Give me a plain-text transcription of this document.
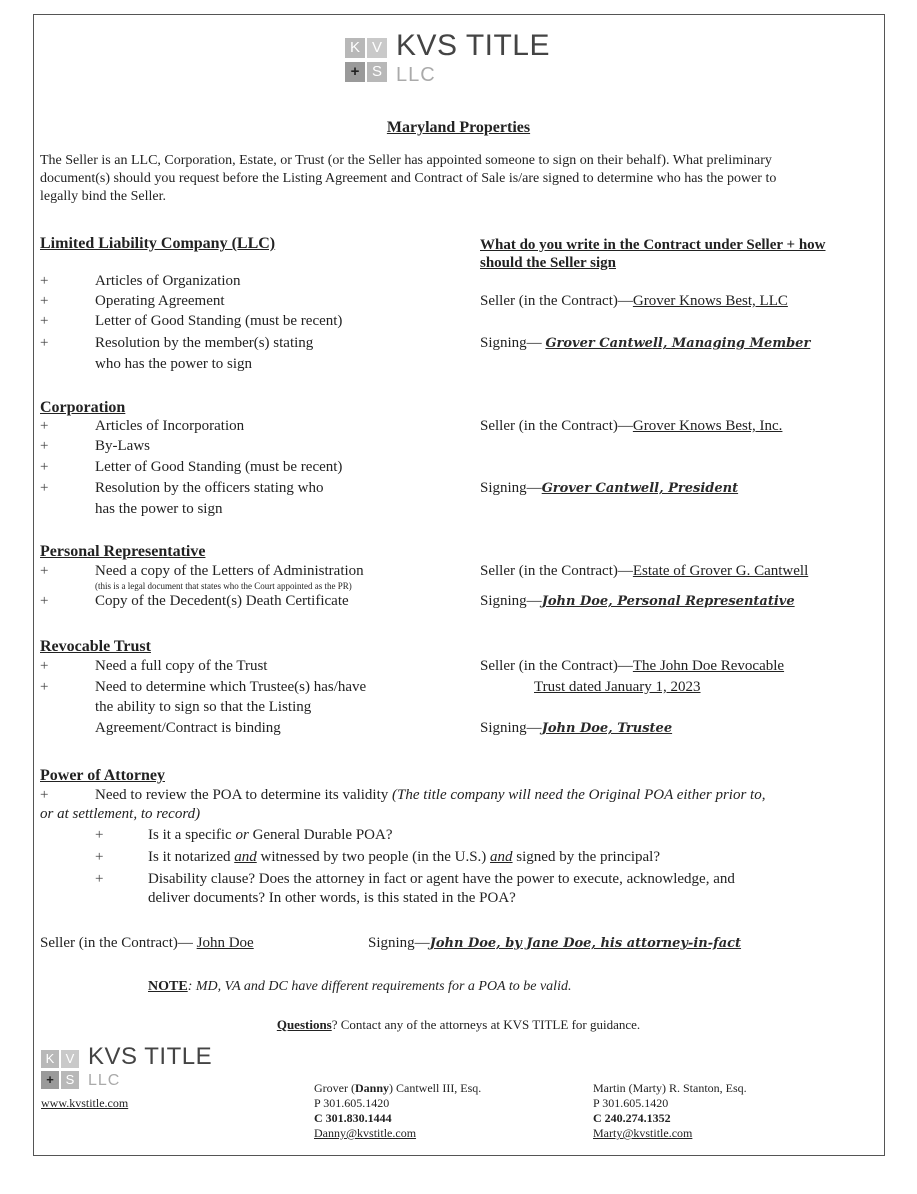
K V
+ S
KVS TITLE
LLC
Maryland Properties
The Seller is an LLC, Corporation, Estate, or Trust (or the Seller has appointed someone to sign on their behalf). What preliminary
document(s) should you request before the Listing Agreement and Contract of Sale is/are signed to determine who has the power to
legally bind the Seller.
Limited Liability Company (LLC)	What do you write in the Contract under Seller + how
should the Seller sign
+	Articles of Organization
+	Operating Agreement
+	Letter of Good Standing (must be recent)
+	Resolution by the member(s) stating
who has the power to sign
Seller (in the Contract)—Grover Knows Best, LLC
Signing— Grover Cantwell, Managing Member
Corporation
+	Articles of Incorporation
+	By-Laws
+	Letter of Good Standing (must be recent)
+	Resolution by the officers stating who
has the power to sign
Seller (in the Contract)—Grover Knows Best, Inc.
Signing—Grover Cantwell, President
Personal Representative
+	Need a copy of the Letters of Administration
(this is a legal document that states who the Court appointed as the PR)
+	Copy of the Decedent(s) Death Certificate
Seller (in the Contract)—Estate of Grover G. Cantwell
Signing—John Doe, Personal Representative
Revocable Trust
+	Need a full copy of the Trust
+	Need to determine which Trustee(s) has/have
the ability to sign so that the Listing
Agreement/Contract is binding
Seller (in the Contract)—The John Doe Revocable
Trust dated January 1, 2023
Signing—John Doe, Trustee
Power of Attorney
+	Need to review the POA to determine its validity (The title company will need the Original POA either prior to,
or at settlement, to record)
+	Is it a specific or General Durable POA?
+	Is it notarized and witnessed by two people (in the U.S.) and signed by the principal?
+	Disability clause? Does the attorney in fact or agent have the power to execute, acknowledge, and
deliver documents? In other words, is this stated in the POA?
Seller (in the Contract)— John Doe	Signing—John Doe, by Jane Doe, his attorney-in-fact
NOTE: MD, VA and DC have different requirements for a POA to be valid.
Questions? Contact any of the attorneys at KVS TITLE for guidance.
K V
+ S
KVS TITLE
LLC
www.kvstitle.com
Grover (Danny) Cantwell III, Esq.
P 301.605.1420
C 301.830.1444
Danny@kvstitle.com
Martin (Marty) R. Stanton, Esq.
P 301.605.1420
C 240.274.1352
Marty@kvstitle.com
